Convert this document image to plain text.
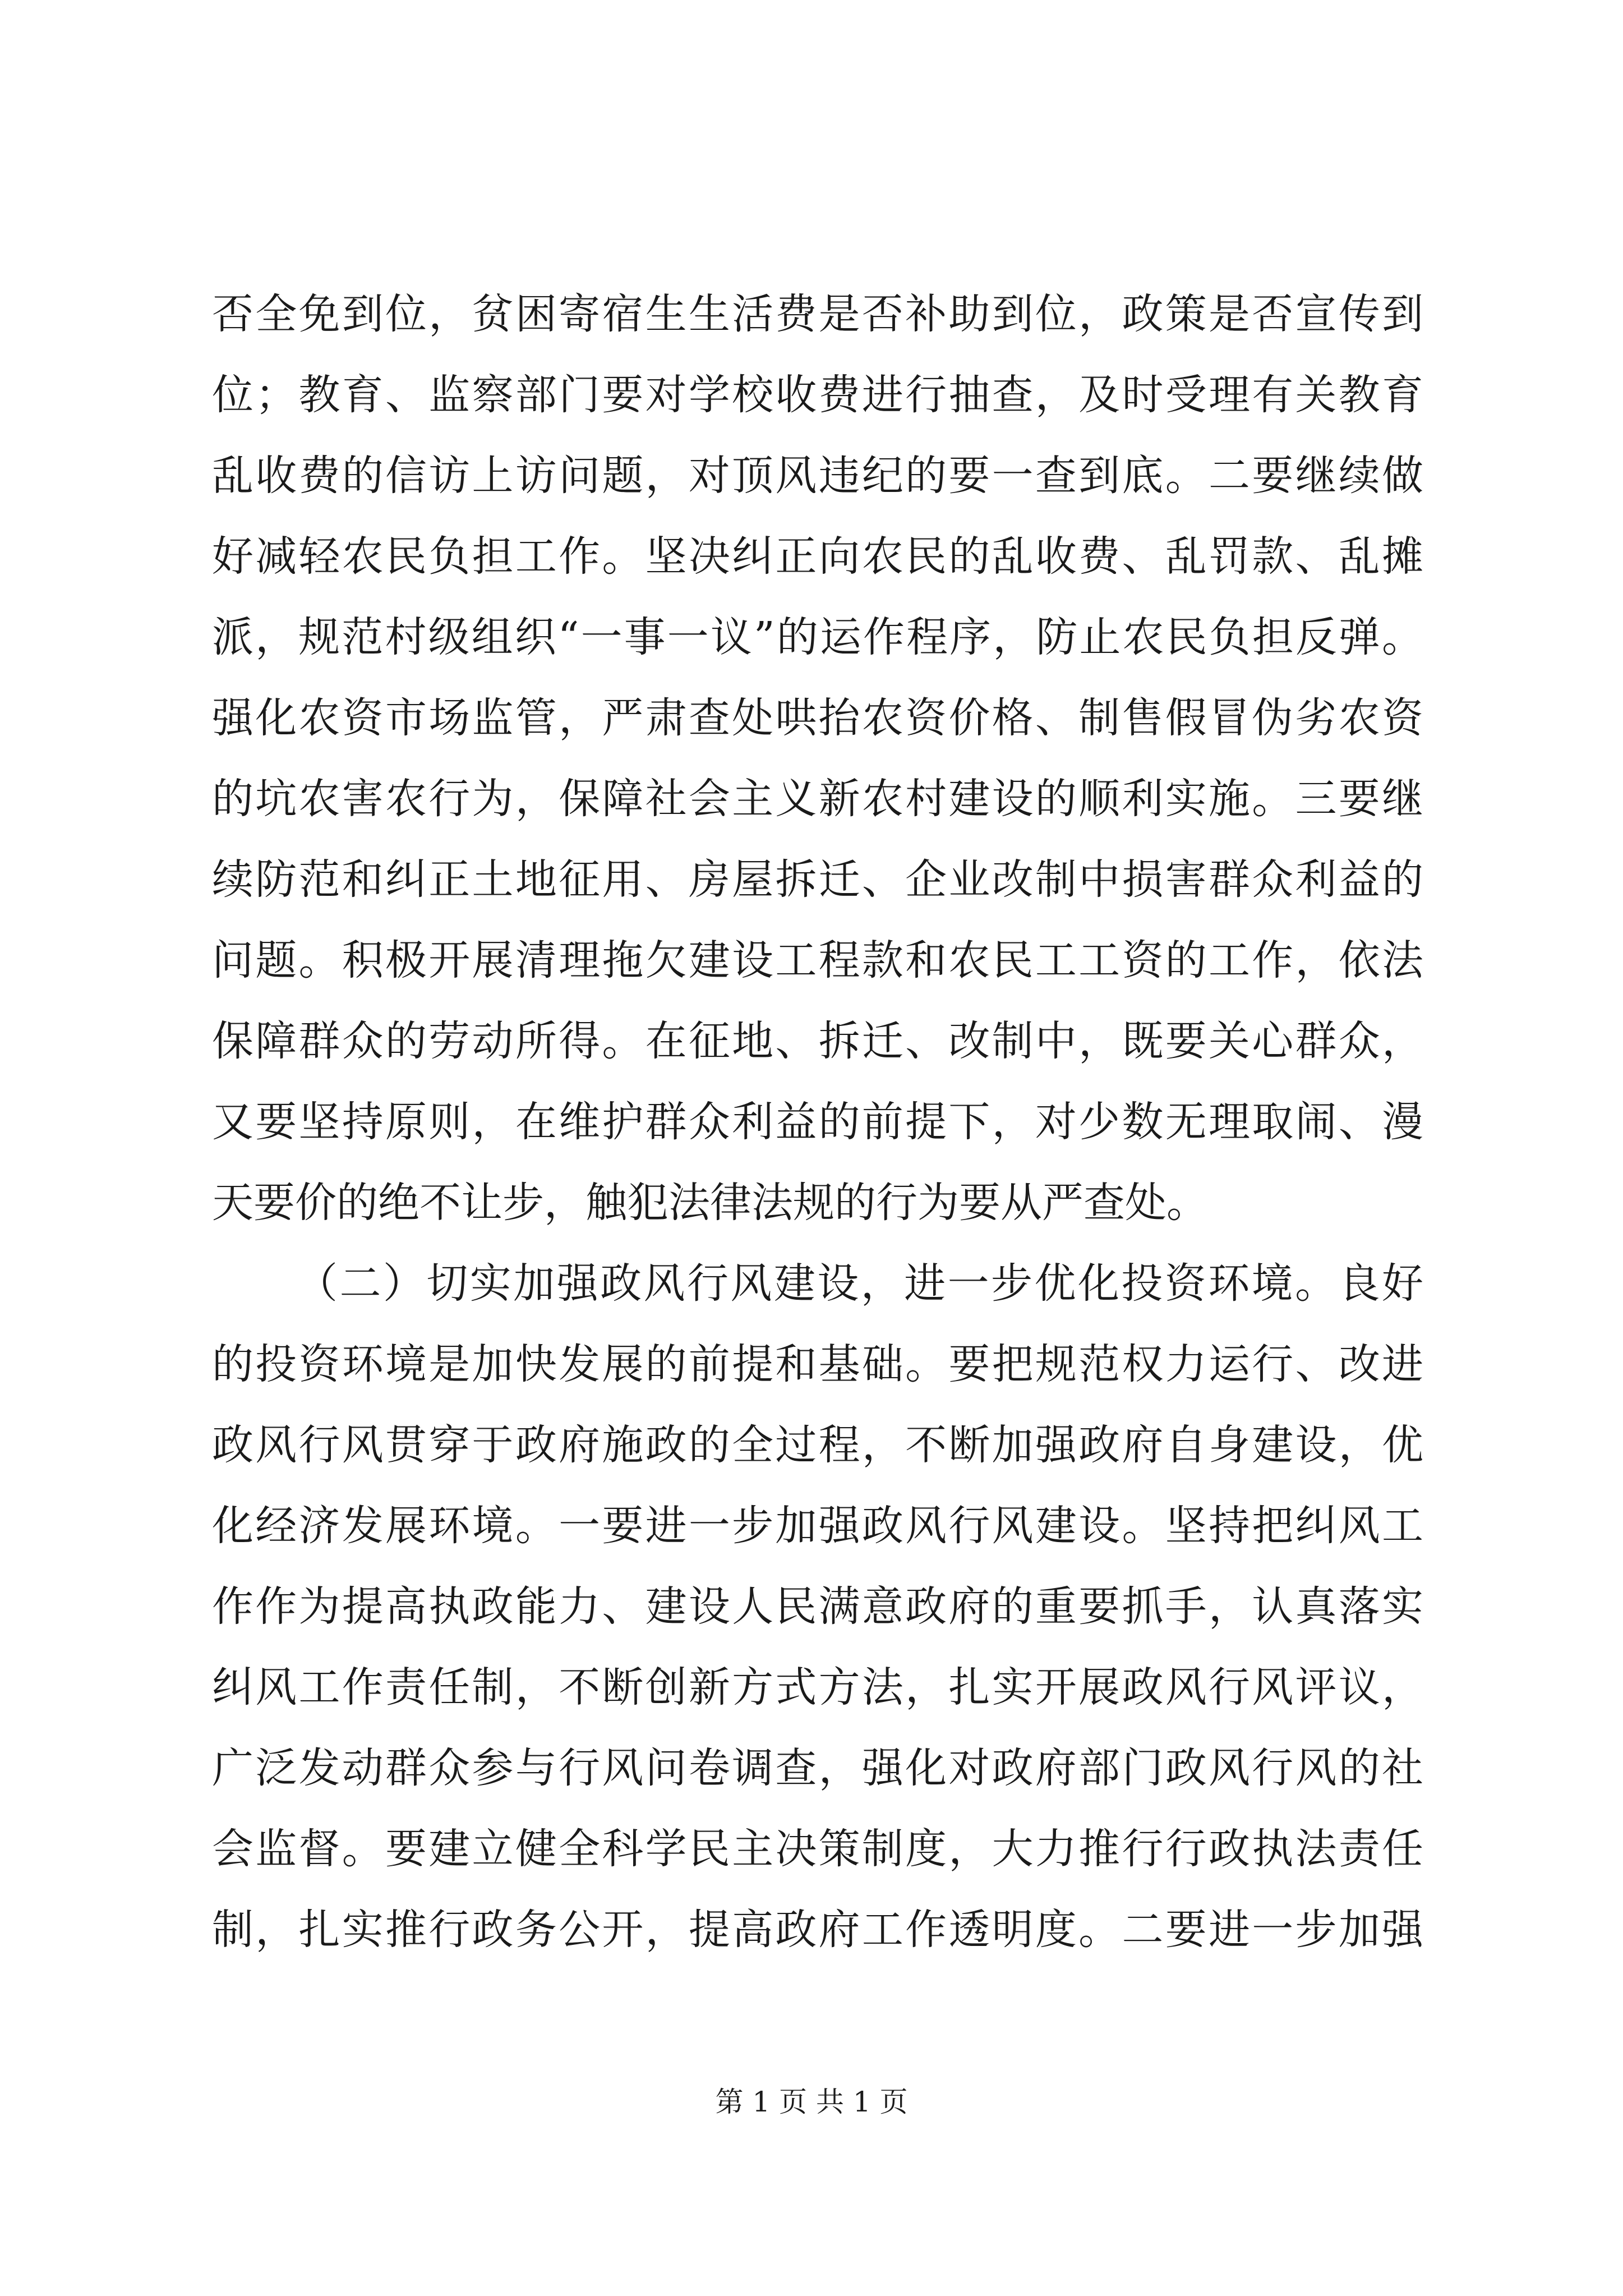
否全免到位，贫困寄宿生生活费是否补助到位，政策是否宣传到
位；教育、监察部门要对学校收费进行抽查，及时受理有关教育
乱收费的信访上访问题，对顶风违纪的要一查到底。二要继续做
好减轻农民负担工作。坚决纠正向农民的乱收费、乱罚款、乱摊
派，规范村级组织“一事一议”的运作程序，防止农民负担反弹。
强化农资市场监管，严肃查处哄抬农资价格、制售假冒伪劣农资
的坑农害农行为，保障社会主义新农村建设的顺利实施。三要继
续防范和纠正土地征用、房屋拆迁、企业改制中损害群众利益的
问题。积极开展清理拖欠建设工程款和农民工工资的工作，依法
保障群众的劳动所得。在征地、拆迁、改制中，既要关心群众，
又要坚持原则，在维护群众利益的前提下，对少数无理取闹、漫
天要价的绝不让步，触犯法律法规的行为要从严查处。
（二）切实加强政风行风建设，进一步优化投资环境。良好
的投资环境是加快发展的前提和基础。要把规范权力运行、改进
政风行风贯穿于政府施政的全过程，不断加强政府自身建设，优
化经济发展环境。一要进一步加强政风行风建设。坚持把纠风工
作作为提高执政能力、建设人民满意政府的重要抓手，认真落实
纠风工作责任制，不断创新方式方法，扎实开展政风行风评议，
广泛发动群众参与行风问卷调查，强化对政府部门政风行风的社
会监督。要建立健全科学民主决策制度，大力推行行政执法责任
制，扎实推行政务公开，提高政府工作透明度。二要进一步加强
第 1 页 共 1 页
